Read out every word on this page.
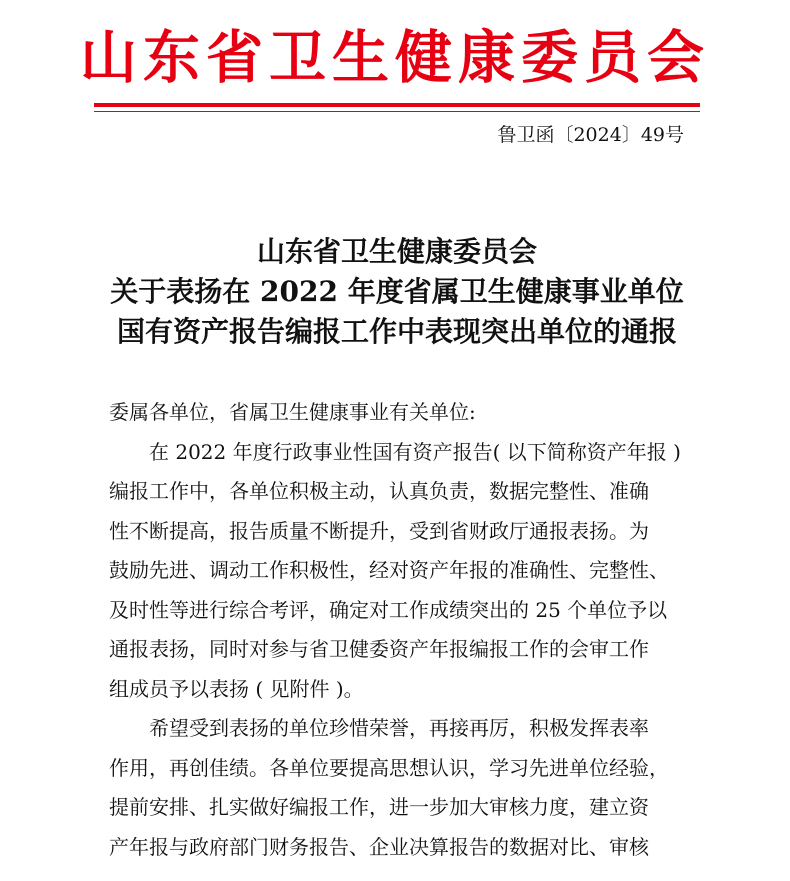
山东省卫生健康委员会
鲁卫函〔2024〕49号
山东省卫生健康委员会
关于表扬在 2022 年度省属卫生健康事业单位
国有资产报告编报工作中表现突出单位的通报
委属各单位，省属卫生健康事业有关单位:
在 2022 年度行政事业性国有资产报告( 以下简称资产年报 )
编报工作中，各单位积极主动，认真负责，数据完整性、准确
性不断提高，报告质量不断提升，受到省财政厅通报表扬。为
鼓励先进、调动工作积极性，经对资产年报的准确性、完整性、
及时性等进行综合考评，确定对工作成绩突出的 25 个单位予以
通报表扬，同时对参与省卫健委资产年报编报工作的会审工作
组成员予以表扬 ( 见附件 )。
希望受到表扬的单位珍惜荣誉，再接再厉，积极发挥表率
作用，再创佳绩。各单位要提高思想认识，学习先进单位经验，
提前安排、扎实做好编报工作，进一步加大审核力度，建立资
产年报与政府部门财务报告、企业决算报告的数据对比、审核
